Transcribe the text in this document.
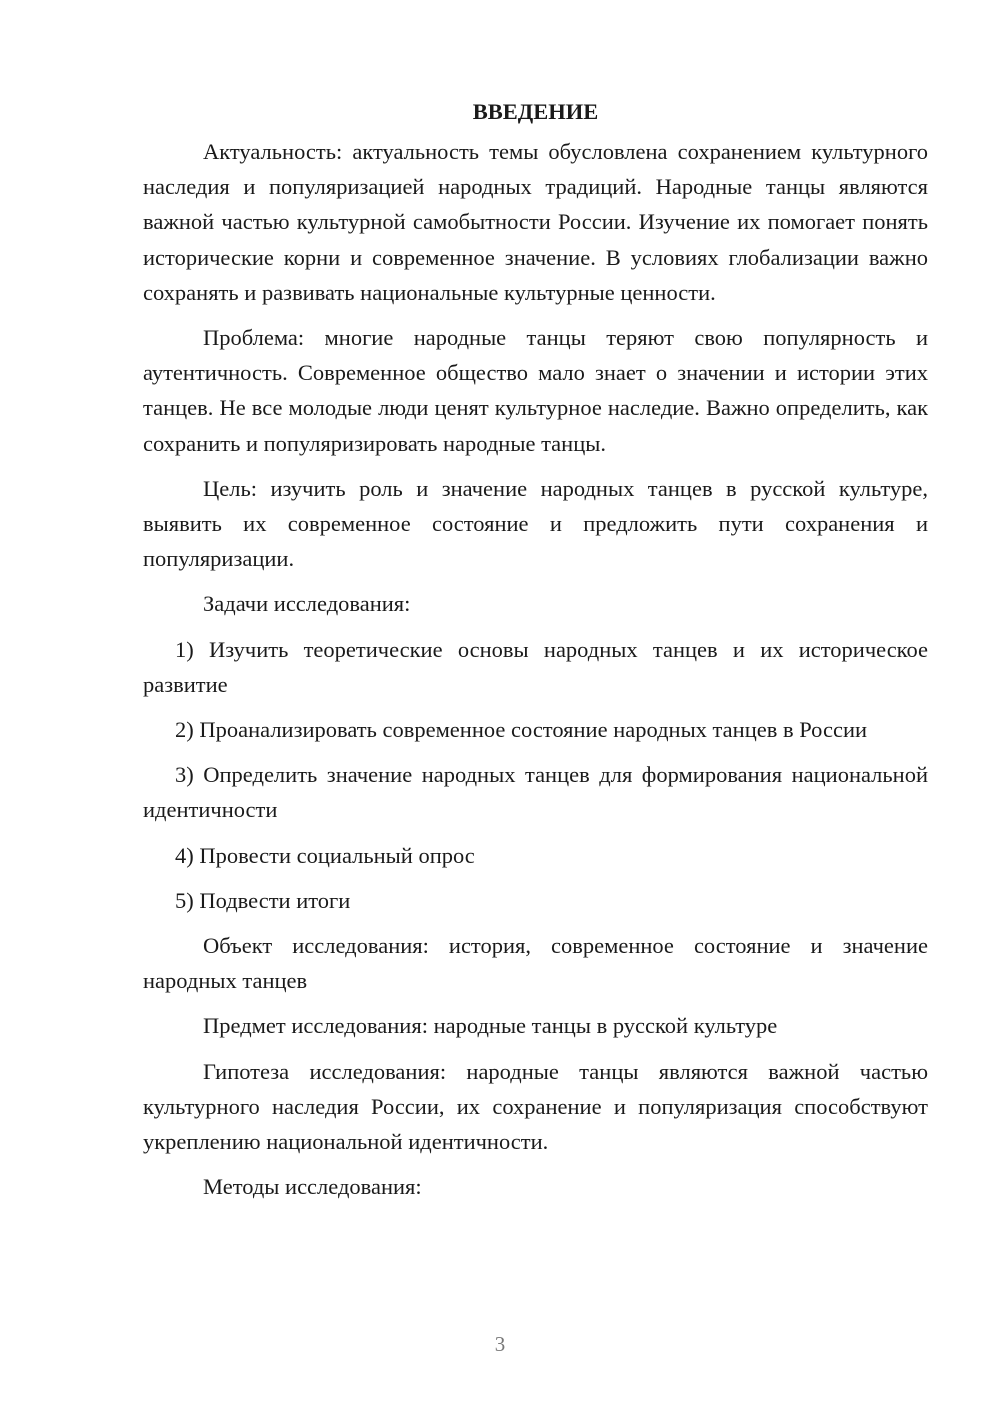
ВВЕДЕНИЕ

Актуальность: актуальность темы обусловлена сохранением культурного наследия и популяризацией народных традиций. Народные танцы являются важной частью культурной самобытности России. Изучение их помогает понять исторические корни и современное значение. В условиях глобализации важно сохранять и развивать национальные культурные ценности.

Проблема: многие народные танцы теряют свою популярность и аутентичность. Современное общество мало знает о значении и истории этих танцев. Не все молодые люди ценят культурное наследие. Важно определить, как сохранить и популяризировать народные танцы.

Цель: изучить роль и значение народных танцев в русской культуре, выявить их современное состояние и предложить пути сохранения и популяризации.

Задачи исследования:

1) Изучить теоретические основы народных танцев и их историческое развитие

2) Проанализировать современное состояние народных танцев в России

3) Определить значение народных танцев для формирования национальной идентичности

4) Провести социальный опрос

5) Подвести итоги

Объект исследования: история, современное состояние и значение народных танцев

Предмет исследования: народные танцы в русской культуре

Гипотеза исследования: народные танцы являются важной частью культурного наследия России, их сохранение и популяризация способствуют укреплению национальной идентичности.

Методы исследования:

3
